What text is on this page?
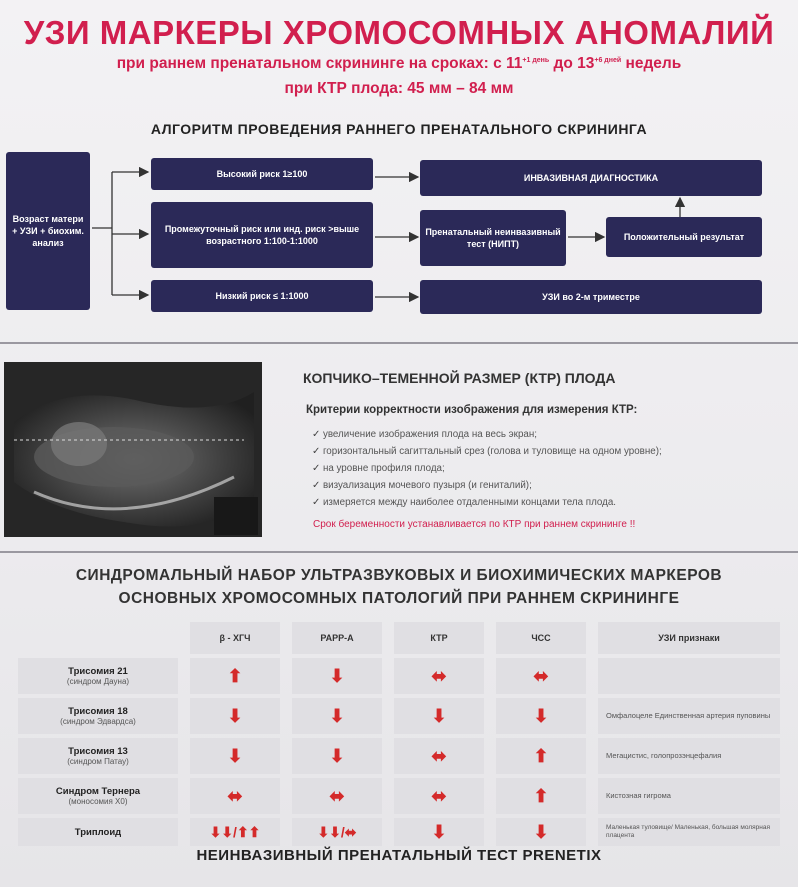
УЗИ МАРКЕРЫ ХРОМОСОМНЫХ АНОМАЛИЙ
при раннем пренатальном скрининге на сроках: с $11^{+1 день}$ до $13^{+6 дней}$ недель
при КТР плода: 45 мм – 84 мм
АЛГОРИТМ ПРОВЕДЕНИЯ РАННЕГО ПРЕНАТАЛЬНОГО СКРИНИНГА
Возраст матери + УЗИ + биохим. анализ
Высокий риск 1≥100
Промежуточный риск или инд. риск >выше возрастного 1:100-1:1000
Низкий риск ≤ 1:1000
ИНВАЗИВНАЯ ДИАГНОСТИКА
Пренатальный неинвазивный тест (НИПТ)
Положительный результат
УЗИ во 2-м триместре
КОПЧИКО–ТЕМЕННОЙ РАЗМЕР (КТР) ПЛОДА
Критерии корректности изображения для измерения КТР:
✓ увеличение изображения плода на весь экран;
✓ горизонтальный сагиттальный срез (голова и туловище на одном уровне);
✓ на уровне профиля плода;
✓ визуализация мочевого пузыря (и гениталий);
✓ измеряется между наиболее отдаленными концами тела плода.
Срок беременности устанавливается по КТР при раннем скрининге !!
СИНДРОМАЛЬНЫЙ НАБОР УЛЬТРАЗВУКОВЫХ И БИОХИМИЧЕСКИХ МАРКЕРОВ
ОСНОВНЫХ ХРОМОСОМНЫХ ПАТОЛОГИЙ ПРИ РАННЕМ СКРИНИНГЕ
β - ХГЧ	PAPP-A	КТР	ЧСС	УЗИ признаки
Трисомия 21
(синдром Дауна)	⬆	⬇	⬌	⬌
Трисомия 18
(синдром Эдвардса)	⬇	⬇	⬇	⬇	Омфалоцеле Единственная артерия пуповины
Трисомия 13
(синдром Патау)	⬇	⬇	⬌	⬆	Мегацистис, голопрозэнцефалия
Синдром Тернера
(моносомия Х0)	⬌	⬌	⬌	⬆	Кистозная гигрома
Триплоид	⬇⬇/⬆⬆	⬇⬇/⬌	⬇	⬇	Маленькая туловище/ Маленькая, большая молярная плацента
НЕИНВАЗИВНЫЙ ПРЕНАТАЛЬНЫЙ ТЕСТ PRENETIX
